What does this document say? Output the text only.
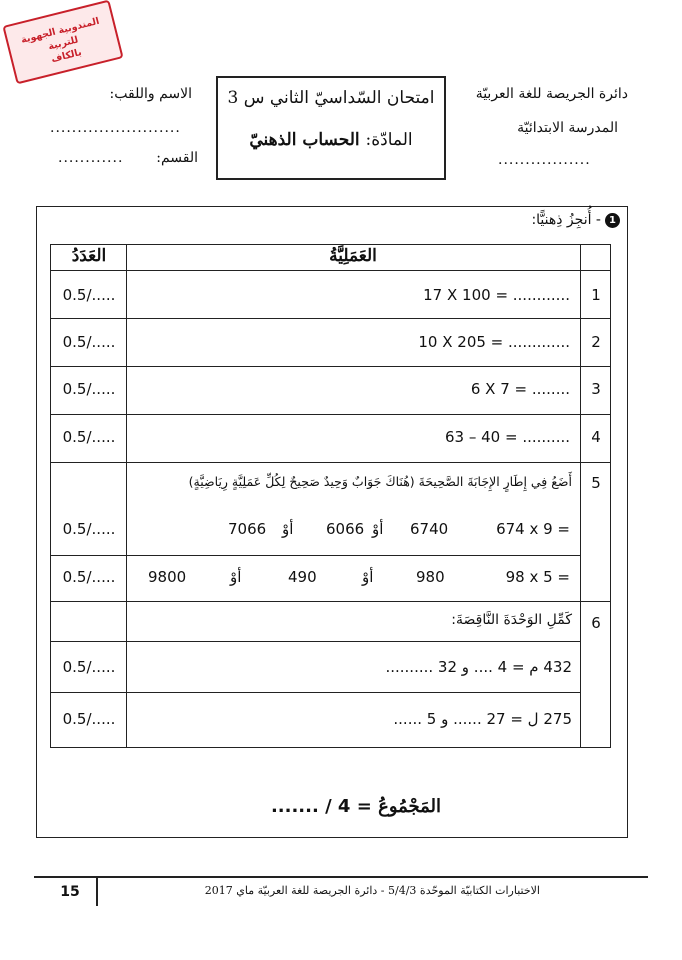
المندوبية الجهوية للتربية
بالكاف
الاسم واللقب:
........................
القسم:
............
امتحان السّداسيّ الثاني س 3
المادّة: الحساب الذهنيّ
دائرة الجريصة للغة العربيّة
المدرسة الابتدائيّة
.................
1- أُنجِزُ ذِهنيًّا:
العَدَدُ	العَمَلِيَّةُ
1
17 X 100 = ............
0.5/.....
2
10 X 205 = .............
0.5/.....
3
6 X 7 = ........
0.5/.....
4
63 – 40 = ..........
0.5/.....
5
أَضَعُ فِي إِطَارٍ الإِجَابَةَ الصَّحِيحَةَ (هُنَاكَ جَوَابٌ وَحِيدٌ صَحِيحٌ لِكُلِّ عَمَلِيَّةٍ رِيَاضِيَّةٍ)
674 x 9 =
6740
أوْ
6066
أوْ
7066
0.5/.....
98 x 5 =
980
أوْ
490
أوْ
9800
0.5/.....
6
كَمِّلِ الوَحْدَةَ النَّاقِصَةَ:
432 م = 4 .... و 32 ..........
0.5/.....
275 ل = 27 ...... و 5 ......
0.5/.....
....... / 4 = المَجْمُوعُ
15	الاختبارات الكتابيّة الموحّدة 5/4/3 - دائرة الجريصة للغة العربيّة ماي 2017
